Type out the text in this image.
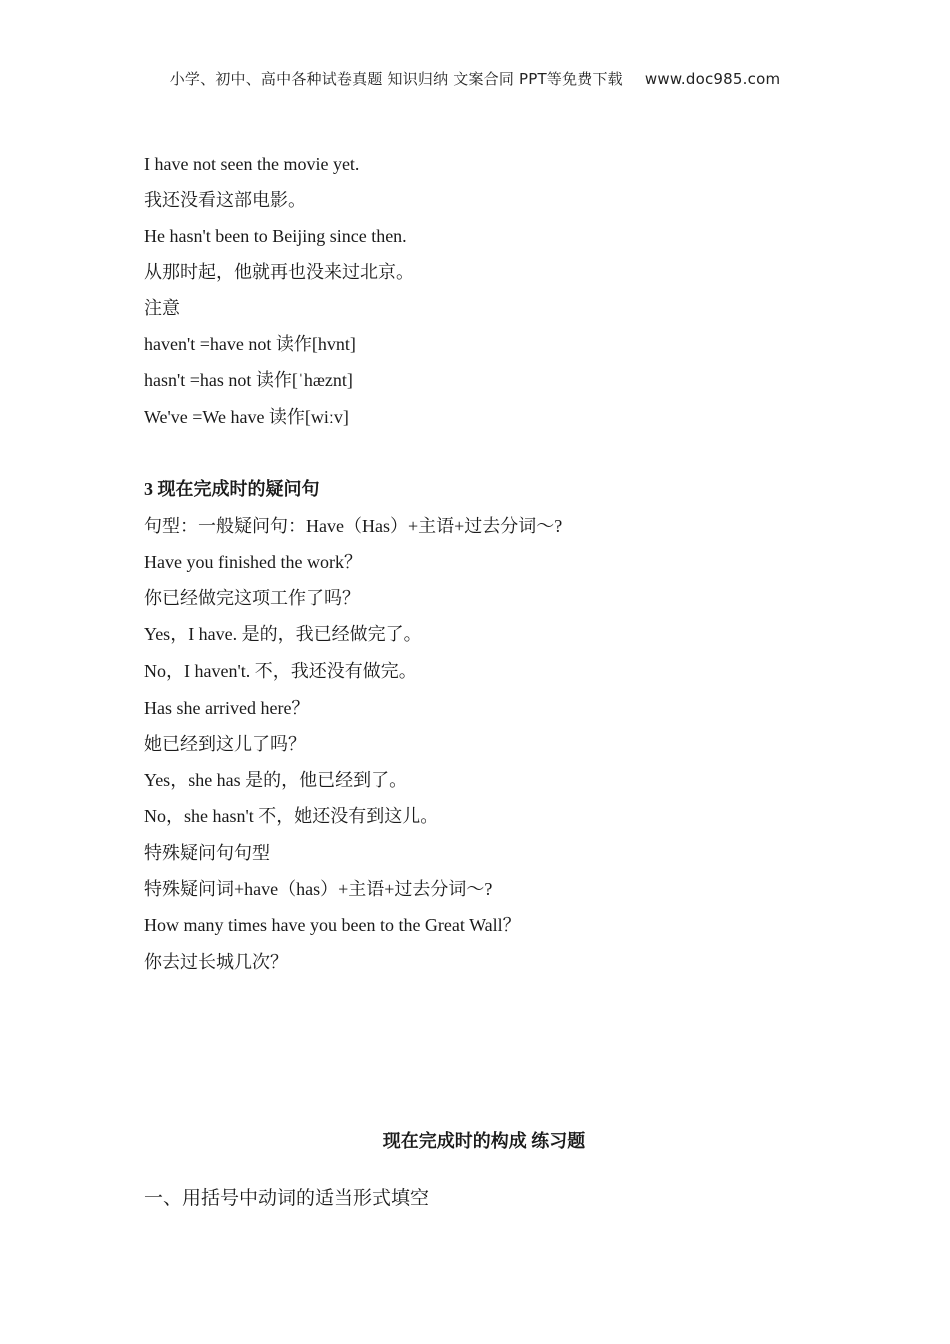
小学、初中、高中各种试卷真题 知识归纳 文案合同 PPT等免费下载 www.doc985.com
I have not seen the movie yet.
我还没看这部电影。
He hasn't been to Beijing since then.
从那时起，他就再也没来过北京。
注意
haven't =have not 读作[hvnt]
hasn't =has not 读作[ˈhæznt]
We've =We have 读作[wiːv]
3 现在完成时的疑问句
句型：一般疑问句：Have（Has）+主语+过去分词～?
Have you finished the work？
你已经做完这项工作了吗？
Yes，I have. 是的，我已经做完了。
No，I haven't. 不，我还没有做完。
Has she arrived here？
她已经到这儿了吗？
Yes，she has 是的，他已经到了。
No，she hasn't 不，她还没有到这儿。
特殊疑问句句型
特殊疑问词+have（has）+主语+过去分词～?
How many times have you been to the Great Wall？
你去过长城几次？
现在完成时的构成 练习题
一、用括号中动词的适当形式填空
